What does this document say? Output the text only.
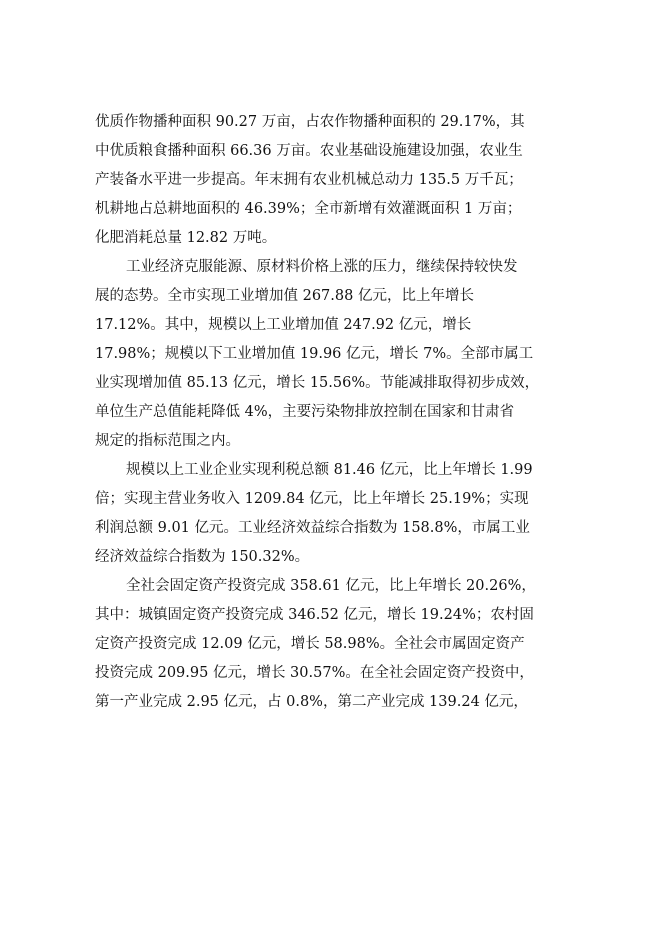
优质作物播种面积 90.27 万亩，占农作物播种面积的 29.17%，其
中优质粮食播种面积 66.36 万亩。农业基础设施建设加强，农业生
产装备水平进一步提高。年末拥有农业机械总动力 135.5 万千瓦；
机耕地占总耕地面积的 46.39%；全市新增有效灌溉面积 1 万亩；
化肥消耗总量 12.82 万吨。
工业经济克服能源、原材料价格上涨的压力，继续保持较快发
展的态势。全市实现工业增加值 267.88 亿元，比上年增长
17.12%。其中，规模以上工业增加值 247.92 亿元，增长
17.98%；规模以下工业增加值 19.96 亿元，增长 7%。全部市属工
业实现增加值 85.13 亿元，增长 15.56%。节能减排取得初步成效，
单位生产总值能耗降低 4%，主要污染物排放控制在国家和甘肃省
规定的指标范围之内。
规模以上工业企业实现利税总额 81.46 亿元，比上年增长 1.99
倍；实现主营业务收入 1209.84 亿元，比上年增长 25.19%；实现
利润总额 9.01 亿元。工业经济效益综合指数为 158.8%，市属工业
经济效益综合指数为 150.32%。
全社会固定资产投资完成 358.61 亿元，比上年增长 20.26%，
其中：城镇固定资产投资完成 346.52 亿元，增长 19.24%；农村固
定资产投资完成 12.09 亿元，增长 58.98%。全社会市属固定资产
投资完成 209.95 亿元，增长 30.57%。在全社会固定资产投资中，
第一产业完成 2.95 亿元，占 0.8%，第二产业完成 139.24 亿元，
